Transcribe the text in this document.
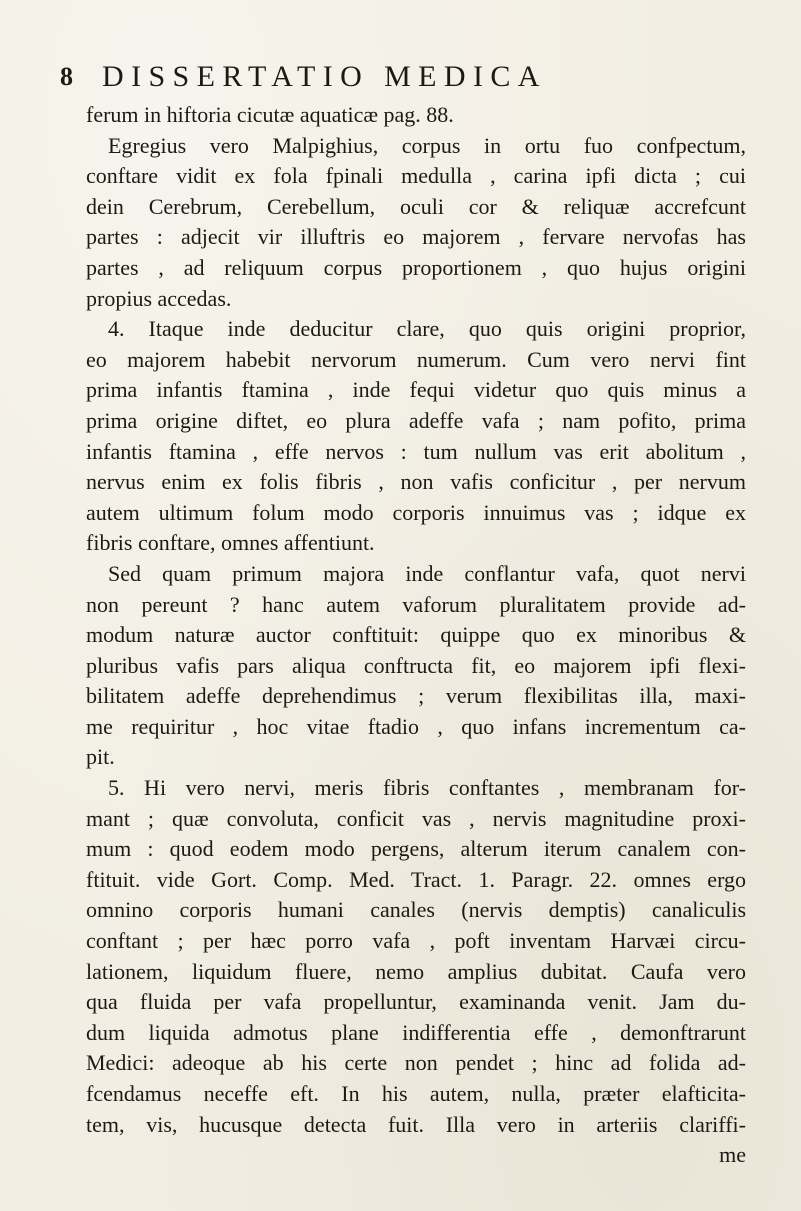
8 DISSERTATIO MEDICA
ferum in hiftoria cicutæ aquaticæ pag. 88.
Egregius vero Malpighius, corpus in ortu fuo confpectum,
conftare vidit ex fola fpinali medulla , carina ipfi dicta ; cui
dein Cerebrum, Cerebellum, oculi cor & reliquæ accrefcunt
partes : adjecit vir illuftris eo majorem , fervare nervofas has
partes , ad reliquum corpus proportionem , quo hujus origini
propius accedas.
4. Itaque inde deducitur clare, quo quis origini proprior,
eo majorem habebit nervorum numerum. Cum vero nervi fint
prima infantis ftamina , inde fequi videtur quo quis minus a
prima origine diftet, eo plura adeffe vafa ; nam pofito, prima
infantis ftamina , effe nervos : tum nullum vas erit abolitum ,
nervus enim ex folis fibris , non vafis conficitur , per nervum
autem ultimum folum modo corporis innuimus vas ; idque ex
fibris conftare, omnes affentiunt.
Sed quam primum majora inde conflantur vafa, quot nervi
non pereunt ? hanc autem vaforum pluralitatem provide ad-
modum naturæ auctor conftituit: quippe quo ex minoribus &
pluribus vafis pars aliqua conftructa fit, eo majorem ipfi flexi-
bilitatem adeffe deprehendimus ; verum flexibilitas illa, maxi-
me requiritur , hoc vitae ftadio , quo infans incrementum ca-
pit.
5. Hi vero nervi, meris fibris conftantes , membranam for-
mant ; quæ convoluta, conficit vas , nervis magnitudine proxi-
mum : quod eodem modo pergens, alterum iterum canalem con-
ftituit. vide Gort. Comp. Med. Tract. 1. Paragr. 22. omnes ergo
omnino corporis humani canales (nervis demptis) canaliculis
conftant ; per hæc porro vafa , poft inventam Harvæi circu-
lationem, liquidum fluere, nemo amplius dubitat. Caufa vero
qua fluida per vafa propelluntur, examinanda venit. Jam du-
dum liquida admotus plane indifferentia effe , demonftrarunt
Medici: adeoque ab his certe non pendet ; hinc ad folida ad-
fcendamus neceffe eft. In his autem, nulla, præter elafticita-
tem, vis, hucusque detecta fuit. Illa vero in arteriis clariffi-
me
